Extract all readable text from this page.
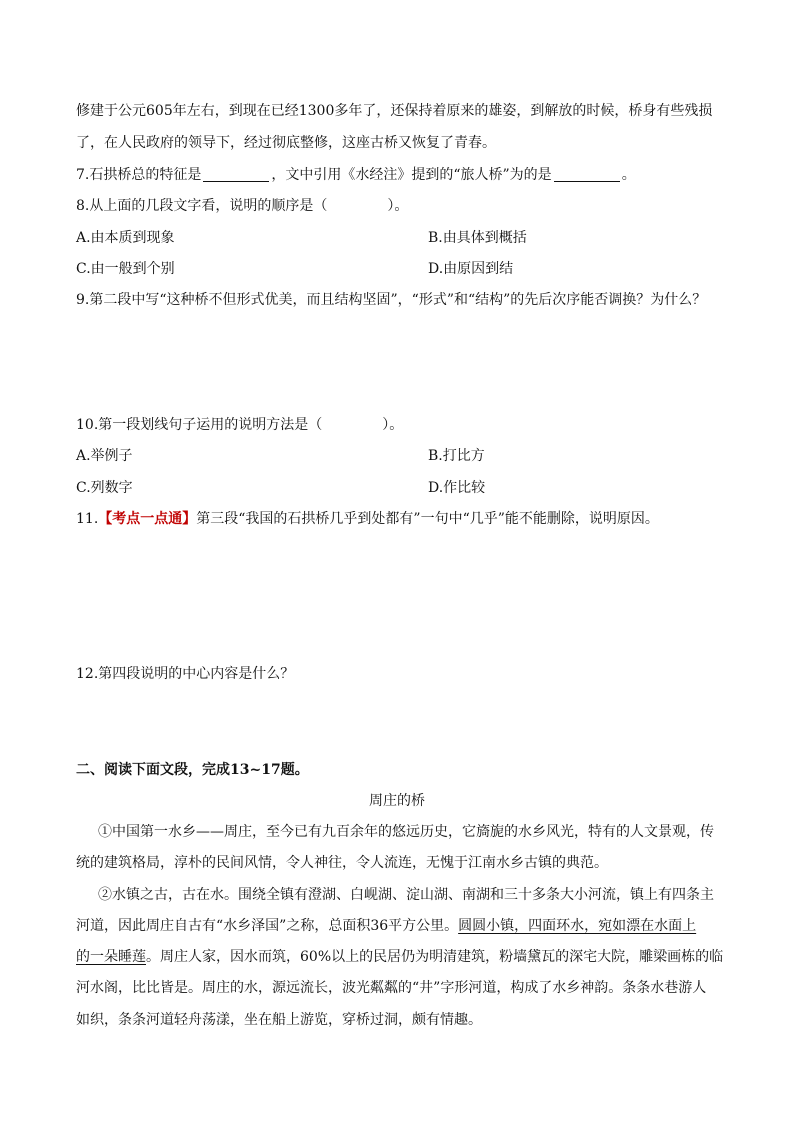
修建于公元605年左右，到现在已经1300多年了，还保持着原来的雄姿，到解放的时候，桥身有些残损
了，在人民政府的领导下，经过彻底整修，这座古桥又恢复了青春。
7.石拱桥总的特征是	，文中引用《水经注》提到的“旅人桥”为的是	。
8.从上面的几段文字看，说明的顺序是（	）。
A.由本质到现象	B.由具体到概括
C.由一般到个别	D.由原因到结
9.第二段中写“这种桥不但形式优美，而且结构坚固”，“形式”和“结构”的先后次序能否调换？为什么？
10.第一段划线句子运用的说明方法是（	）。
A.举例子	B.打比方
C.列数字	D.作比较
11.【考点一点通】第三段“我国的石拱桥几乎到处都有”一句中“几乎”能不能删除，说明原因。
12.第四段说明的中心内容是什么？
二、阅读下面文段，完成13~17题。
周庄的桥
①中国第一水乡——周庄，至今已有九百余年的悠远历史，它旖旎的水乡风光，特有的人文景观，传
统的建筑格局，淳朴的民间风情，令人神往，令人流连，无愧于江南水乡古镇的典范。
②水镇之古，古在水。围绕全镇有澄湖、白岘湖、淀山湖、南湖和三十多条大小河流，镇上有四条主
河道，因此周庄自古有“水乡泽国”之称，总面积36平方公里。圆圆小镇，四面环水，宛如漂在水面上
的一朵睡莲。周庄人家，因水而筑，60%以上的民居仍为明清建筑，粉墙黛瓦的深宅大院，雕梁画栋的临
河水阁，比比皆是。周庄的水，源远流长，波光粼粼的“井”字形河道，构成了水乡神韵。条条水巷游人
如织，条条河道轻舟荡漾，坐在船上游览，穿桥过洞，颇有情趣。
